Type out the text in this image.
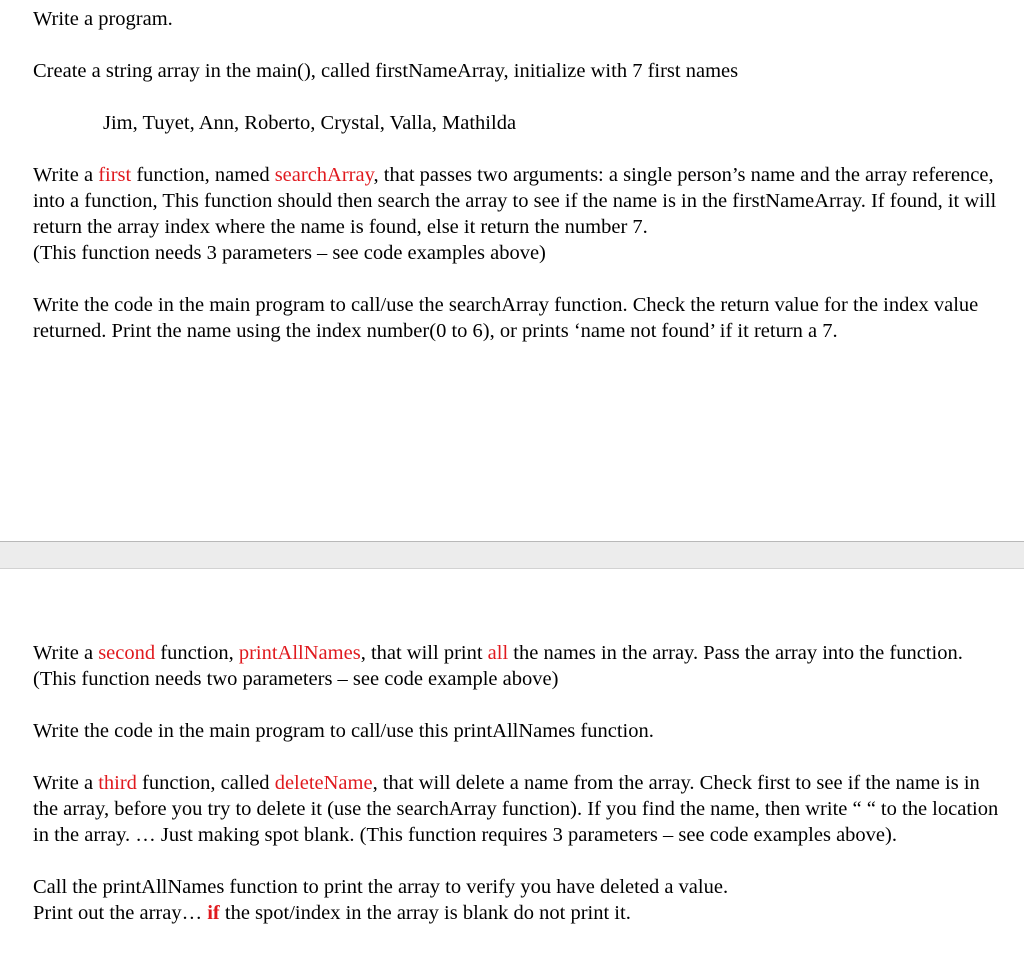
Write a program.

Create a string array in the main(), called firstNameArray, initialize with 7 first names

Jim, Tuyet, Ann, Roberto, Crystal, Valla, Mathilda

Write a first function, named searchArray, that passes two arguments: a single person’s name and the array reference, into a function, This function should then search the array to see if the name is in the firstNameArray. If found, it will return the array index where the name is found, else it return the number 7.

(This function needs 3 parameters – see code examples above)

Write the code in the main program to call/use the searchArray function. Check the return value for the index value returned. Print the name using the index number(0 to 6), or prints ‘name not found’ if it return a 7.

Write a second function, printAllNames, that will print all the names in the array. Pass the array into the function. (This function needs two parameters – see code example above)

Write the code in the main program to call/use this printAllNames function.

Write a third function, called deleteName, that will delete a name from the array. Check first to see if the name is in the array, before you try to delete it (use the searchArray function). If you find the name, then write “ “ to the location in the array. … Just making spot blank. (This function requires 3 parameters – see code examples above).

Call the printAllNames function to print the array to verify you have deleted a value.
Print out the array… if the spot/index in the array is blank do not print it.
